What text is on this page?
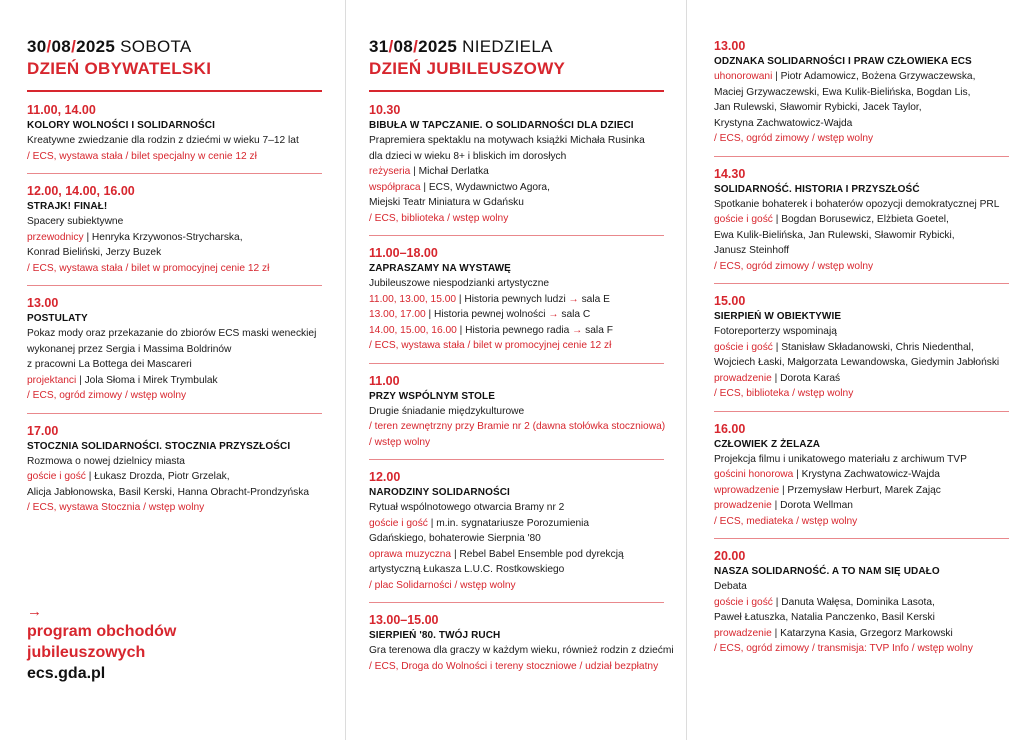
30/08/2025 SOBOTA
DZIEŃ OBYWATELSKI
11.00, 14.00
KOLORY WOLNOŚCI I SOLIDARNOŚCI
Kreatywne zwiedzanie dla rodzin z dziećmi w wieku 7–12 lat
/ ECS, wystawa stała / bilet specjalny w cenie 12 zł
12.00, 14.00, 16.00
STRAJK! FINAŁ!
Spacery subiektywne
przewodnicy | Henryka Krzywonos-Strycharska,
Konrad Bieliński, Jerzy Buzek
/ ECS, wystawa stała / bilet w promocyjnej cenie 12 zł
13.00
POSTULATY
Pokaz mody oraz przekazanie do zbiorów ECS maski weneckiej
wykonanej przez Sergia i Massima Boldrinów
z pracowni La Bottega dei Mascareri
projektanci | Jola Słoma i Mirek Trymbulak
/ ECS, ogród zimowy / wstęp wolny
17.00
STOCZNIA SOLIDARNOŚCI. STOCZNIA PRZYSZŁOŚCI
Rozmowa o nowej dzielnicy miasta
goście i gość | Łukasz Drozda, Piotr Grzelak,
Alicja Jabłonowska, Basil Kerski, Hanna Obracht-Prondzyńska
/ ECS, wystawa Stocznia / wstęp wolny
→
program obchodów
jubileuszowych
ecs.gda.pl
31/08/2025 NIEDZIELA
DZIEŃ JUBILEUSZOWY
10.30
BIBUŁA W TAPCZANIE. O SOLIDARNOŚCI DLA DZIECI
Prapremiera spektaklu na motywach książki Michała Rusinka
dla dzieci w wieku 8+ i bliskich im dorosłych
reżyseria | Michał Derlatka
współpraca | ECS, Wydawnictwo Agora,
Miejski Teatr Miniatura w Gdańsku
/ ECS, biblioteka / wstęp wolny
11.00–18.00
ZAPRASZAMY NA WYSTAWĘ
Jubileuszowe niespodzianki artystyczne
11.00, 13.00, 15.00 | Historia pewnych ludzi → sala E
13.00, 17.00 | Historia pewnej wolności → sala C
14.00, 15.00, 16.00 | Historia pewnego radia → sala F
/ ECS, wystawa stała / bilet w promocyjnej cenie 12 zł
11.00
PRZY WSPÓLNYM STOLE
Drugie śniadanie międzykulturowe
/ teren zewnętrzny przy Bramie nr 2 (dawna stołówka stoczniowa)
/ wstęp wolny
12.00
NARODZINY SOLIDARNOŚCI
Rytuał wspólnotowego otwarcia Bramy nr 2
goście i gość | m.in. sygnatariusze Porozumienia
Gdańskiego, bohaterowie Sierpnia '80
oprawa muzyczna | Rebel Babel Ensemble pod dyrekcją
artystyczną Łukasza L.U.C. Rostkowskiego
/ plac Solidarności / wstęp wolny
13.00–15.00
SIERPIEŃ '80. TWÓJ RUCH
Gra terenowa dla graczy w każdym wieku, również rodzin z dziećmi
/ ECS, Droga do Wolności i tereny stoczniowe / udział bezpłatny
13.00
ODZNAKA SOLIDARNOŚCI I PRAW CZŁOWIEKA ECS
uhonorowani | Piotr Adamowicz, Bożena Grzywaczewska,
Maciej Grzywaczewski, Ewa Kulik-Bielińska, Bogdan Lis,
Jan Rulewski, Sławomir Rybicki, Jacek Taylor,
Krystyna Zachwatowicz-Wajda
/ ECS, ogród zimowy / wstęp wolny
14.30
SOLIDARNOŚĆ. HISTORIA I PRZYSZŁOŚĆ
Spotkanie bohaterek i bohaterów opozycji demokratycznej PRL
goście i gość | Bogdan Borusewicz, Elżbieta Goetel,
Ewa Kulik-Bielińska, Jan Rulewski, Sławomir Rybicki,
Janusz Steinhoff
/ ECS, ogród zimowy / wstęp wolny
15.00
SIERPIEŃ W OBIEKTYWIE
Fotoreporterzy wspominają
goście i gość | Stanisław Składanowski, Chris Niedenthal,
Wojciech Łaski, Małgorzata Lewandowska, Giedymin Jabłoński
prowadzenie | Dorota Karaś
/ ECS, biblioteka / wstęp wolny
16.00
CZŁOWIEK Z ŻELAZA
Projekcja filmu i unikatowego materiału z archiwum TVP
gościni honorowa | Krystyna Zachwatowicz-Wajda
wprowadzenie | Przemysław Herburt, Marek Zając
prowadzenie | Dorota Wellman
/ ECS, mediateka / wstęp wolny
20.00
NASZA SOLIDARNOŚĆ. A TO NAM SIĘ UDAŁO
Debata
goście i gość | Danuta Wałęsa, Dominika Lasota,
Paweł Łatuszka, Natalia Panczenko, Basil Kerski
prowadzenie | Katarzyna Kasia, Grzegorz Markowski
/ ECS, ogród zimowy / transmisja: TVP Info / wstęp wolny
